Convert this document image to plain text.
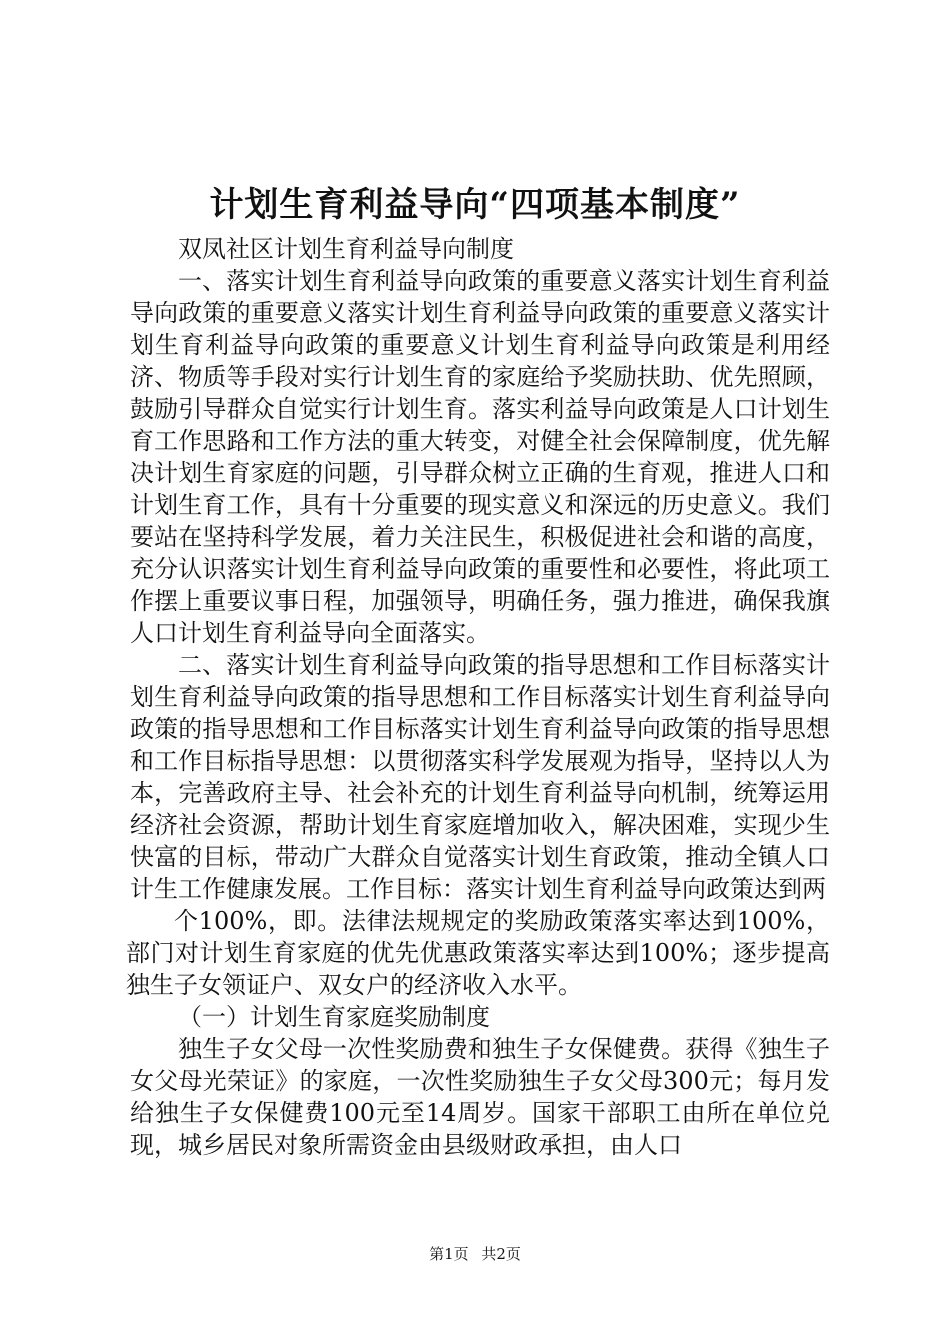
计划生育利益导向“四项基本制度”

双凤社区计划生育利益导向制度

一、落实计划生育利益导向政策的重要意义落实计划生育利益导向政策的重要意义落实计划生育利益导向政策的重要意义落实计划生育利益导向政策的重要意义计划生育利益导向政策是利用经济、物质等手段对实行计划生育的家庭给予奖励扶助、优先照顾，鼓励引导群众自觉实行计划生育。落实利益导向政策是人口计划生育工作思路和工作方法的重大转变，对健全社会保障制度，优先解决计划生育家庭的问题，引导群众树立正确的生育观，推进人口和计划生育工作，具有十分重要的现实意义和深远的历史意义。我们要站在坚持科学发展，着力关注民生，积极促进社会和谐的高度，充分认识落实计划生育利益导向政策的重要性和必要性，将此项工作摆上重要议事日程，加强领导，明确任务，强力推进，确保我旗人口计划生育利益导向全面落实。

二、落实计划生育利益导向政策的指导思想和工作目标落实计划生育利益导向政策的指导思想和工作目标落实计划生育利益导向政策的指导思想和工作目标落实计划生育利益导向政策的指导思想和工作目标指导思想：以贯彻落实科学发展观为指导，坚持以人为本，完善政府主导、社会补充的计划生育利益导向机制，统筹运用经济社会资源，帮助计划生育家庭增加收入，解决困难，实现少生快富的目标，带动广大群众自觉落实计划生育政策，推动全镇人口计生工作健康发展。工作目标：落实计划生育利益导向政策达到两

个100%，即。法律法规规定的奖励政策落实率达到100%，部门对计划生育家庭的优先优惠政策落实率达到100%；逐步提高独生子女领证户、双女户的经济收入水平。

（一）计划生育家庭奖励制度

独生子女父母一次性奖励费和独生子女保健费。获得《独生子女父母光荣证》的家庭，一次性奖励独生子女父母300元；每月发给独生子女保健费100元至14周岁。国家干部职工由所在单位兑现，城乡居民对象所需资金由县级财政承担，由人口

第1页 共2页
